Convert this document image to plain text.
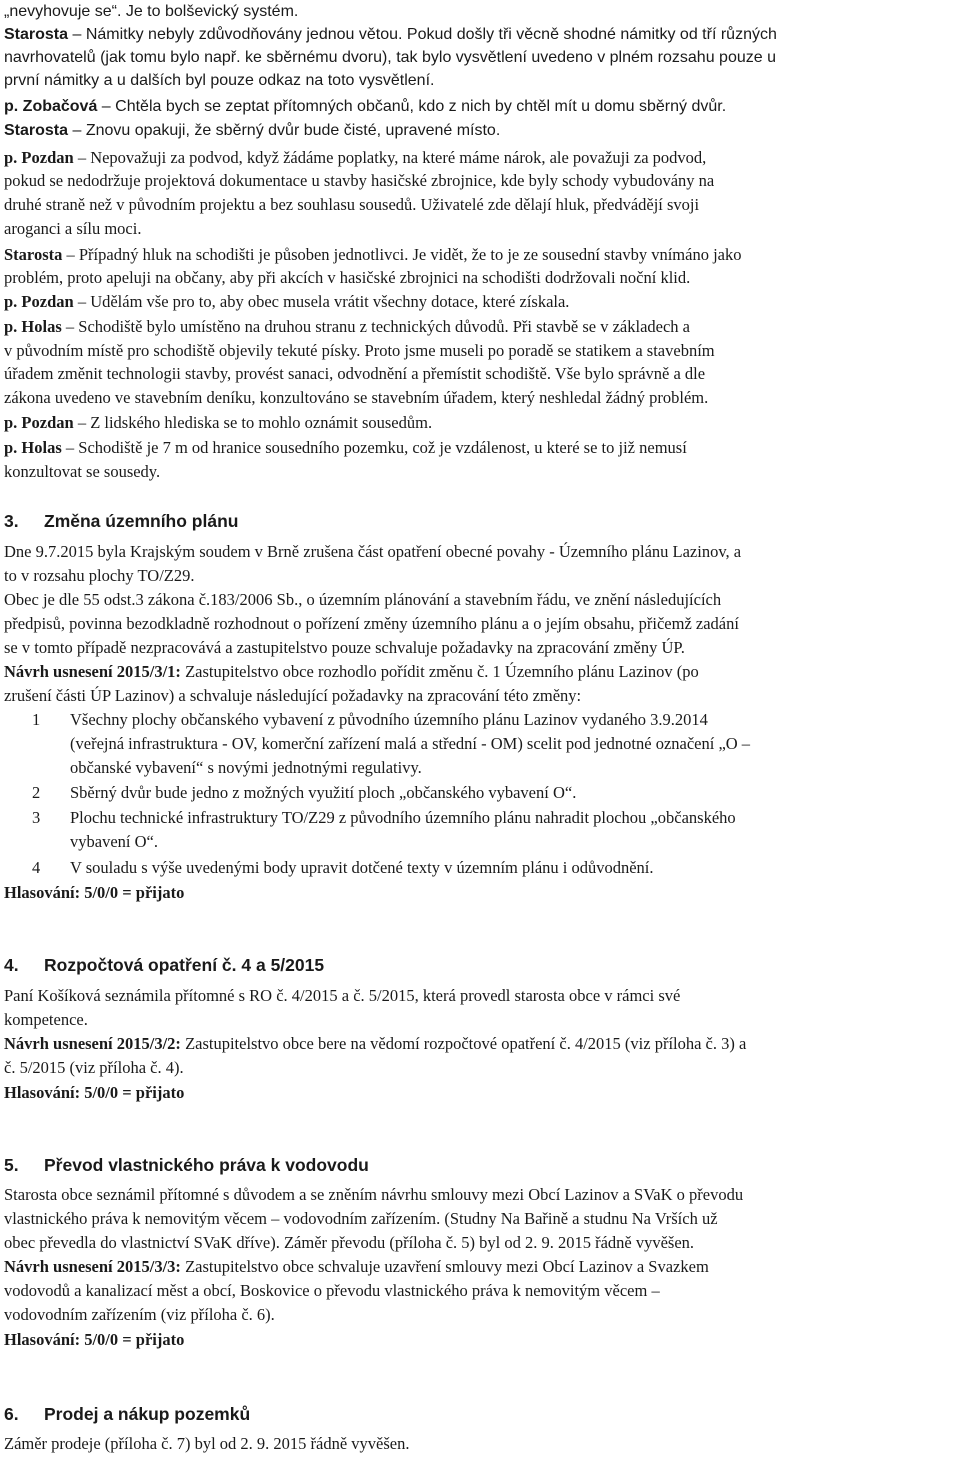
„nevyhovuje se“. Je to bolševický systém.
Starosta – Námitky nebyly zdůvodňovány jednou větou. Pokud došly tři věcně shodné námitky od tří různých
navrhovatelů (jak tomu bylo např. ke sběrnému dvoru), tak bylo vysvětlení uvedeno v plném rozsahu pouze u
první námitky a u dalších byl pouze odkaz na toto vysvětlení.
p. Zobačová – Chtěla bych se zeptat přítomných občanů, kdo z nich by chtěl mít u domu sběrný dvůr.
Starosta – Znovu opakuji, že sběrný dvůr bude čisté, upravené místo.
p. Pozdan – Nepovažuji za podvod, když žádáme poplatky, na které máme nárok, ale považuji za podvod,
pokud se nedodržuje projektová dokumentace u stavby hasičské zbrojnice, kde byly schody vybudovány na
druhé straně než v původním projektu a bez souhlasu sousedů. Uživatelé zde dělají hluk, předvádějí svoji
aroganci a sílu moci.
Starosta – Případný hluk na schodišti je působen jednotlivci. Je vidět, že to je ze sousední stavby vnímáno jako
problém, proto apeluji na občany, aby při akcích v hasičské zbrojnici na schodišti dodržovali noční klid.
p. Pozdan – Udělám vše pro to, aby obec musela vrátit všechny dotace, které získala.
p. Holas – Schodiště bylo umístěno na druhou stranu z technických důvodů. Při stavbě se v základech a
v původním místě pro schodiště objevily tekuté písky. Proto jsme museli po poradě se statikem a stavebním
úřadem změnit technologii stavby, provést sanaci, odvodnění a přemístit schodiště. Vše bylo správně a dle
zákona uvedeno ve stavebním deníku, konzultováno se stavebním úřadem, který neshledal žádný problém.
p. Pozdan – Z lidského hlediska se to mohlo oznámit sousedům.
p. Holas – Schodiště je 7 m od hranice sousedního pozemku, což je vzdálenost, u které se to již nemusí
konzultovat se sousedy.
3. Změna územního plánu
Dne 9.7.2015 byla Krajským soudem v Brně zrušena část opatření obecné povahy - Územního plánu Lazinov, a
to v rozsahu plochy TO/Z29.
Obec je dle 55 odst.3 zákona č.183/2006 Sb., o územním plánování a stavebním řádu, ve znění následujících
předpisů, povinna bezodkladně rozhodnout o pořízení změny územního plánu a o jejím obsahu, přičemž zadání
se v tomto případě nezpracovává a zastupitelstvo pouze schvaluje požadavky na zpracování změny ÚP.
Návrh usnesení 2015/3/1: Zastupitelstvo obce rozhodlo pořídit změnu č. 1 Územního plánu Lazinov (po
zrušení části ÚP Lazinov) a schvaluje následující požadavky na zpracování této změny:
1 Všechny plochy občanského vybavení z původního územního plánu Lazinov vydaného 3.9.2014
(veřejná infrastruktura - OV, komerční zařízení malá a střední - OM) scelit pod jednotné označení „O –
občanské vybavení“ s novými jednotnými regulativy.
2 Sběrný dvůr bude jedno z možných využití ploch „občanského vybavení O“.
3 Plochu technické infrastruktury TO/Z29 z původního územního plánu nahradit plochou „občanského
vybavení O“.
4 V souladu s výše uvedenými body upravit dotčené texty v územním plánu i odůvodnění.
Hlasování: 5/0/0 = přijato
4. Rozpočtová opatření č. 4 a 5/2015
Paní Košíková seznámila přítomné s RO č. 4/2015 a č. 5/2015, která provedl starosta obce v rámci své
kompetence.
Návrh usnesení 2015/3/2: Zastupitelstvo obce bere na vědomí rozpočtové opatření č. 4/2015 (viz příloha č. 3) a
č. 5/2015 (viz příloha č. 4).
Hlasování: 5/0/0 = přijato
5. Převod vlastnického práva k vodovodu
Starosta obce seznámil přítomné s důvodem a se zněním návrhu smlouvy mezi Obcí Lazinov a SVaK o převodu
vlastnického práva k nemovitým věcem – vodovodním zařízením. (Studny Na Bařině a studnu Na Vrších už
obec převedla do vlastnictví SVaK dříve). Záměr převodu (příloha č. 5) byl od 2. 9. 2015 řádně vyvěšen.
Návrh usnesení 2015/3/3: Zastupitelstvo obce schvaluje uzavření smlouvy mezi Obcí Lazinov a Svazkem
vodovodů a kanalizací měst a obcí, Boskovice o převodu vlastnického práva k nemovitým věcem –
vodovodním zařízením (viz příloha č. 6).
Hlasování: 5/0/0 = přijato
6. Prodej a nákup pozemků
Záměr prodeje (příloha č. 7) byl od 2. 9. 2015 řádně vyvěšen.
